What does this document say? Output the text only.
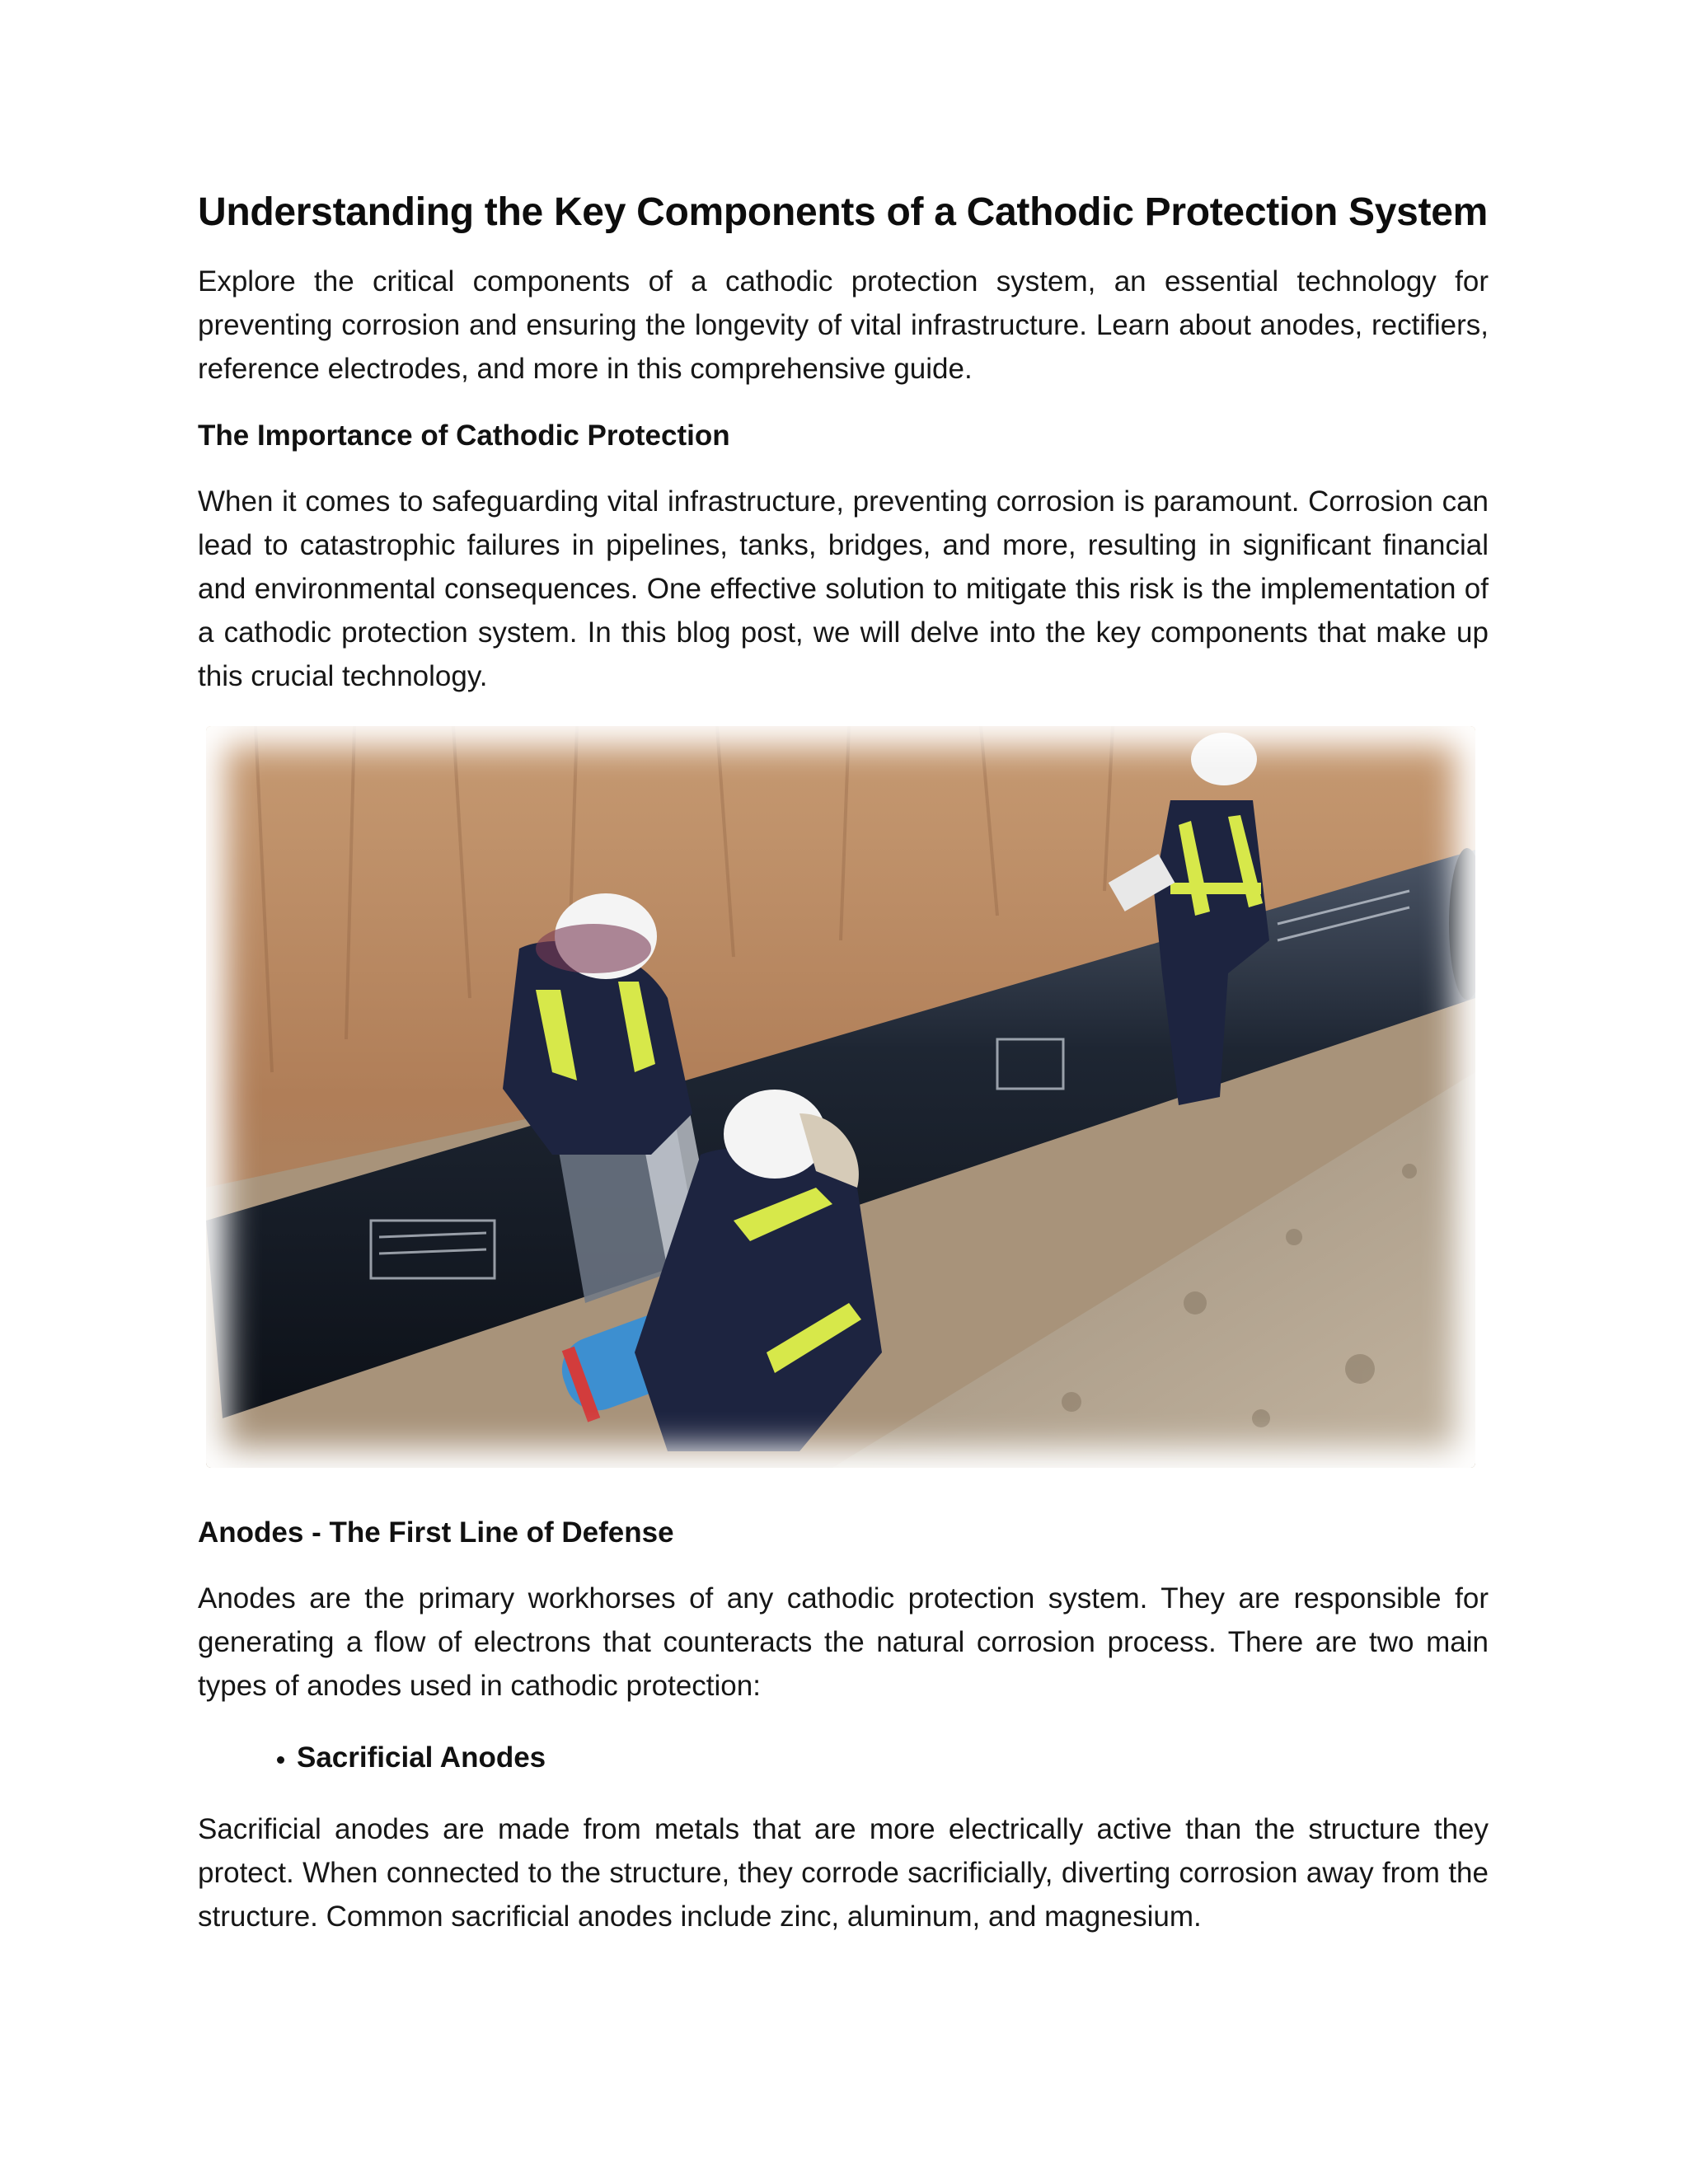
Understanding the Key Components of a Cathodic Protection System

Explore the critical components of a cathodic protection system, an essential technology for preventing corrosion and ensuring the longevity of vital infrastructure. Learn about anodes, rectifiers, reference electrodes, and more in this comprehensive guide.

The Importance of Cathodic Protection

When it comes to safeguarding vital infrastructure, preventing corrosion is paramount. Corrosion can lead to catastrophic failures in pipelines, tanks, bridges, and more, resulting in significant financial and environmental consequences. One effective solution to mitigate this risk is the implementation of a cathodic protection system. In this blog post, we will delve into the key components that make up this crucial technology.

Anodes - The First Line of Defense

Anodes are the primary workhorses of any cathodic protection system. They are responsible for generating a flow of electrons that counteracts the natural corrosion process. There are two main types of anodes used in cathodic protection:

• Sacrificial Anodes

Sacrificial anodes are made from metals that are more electrically active than the structure they protect. When connected to the structure, they corrode sacrificially, diverting corrosion away from the structure. Common sacrificial anodes include zinc, aluminum, and magnesium.
